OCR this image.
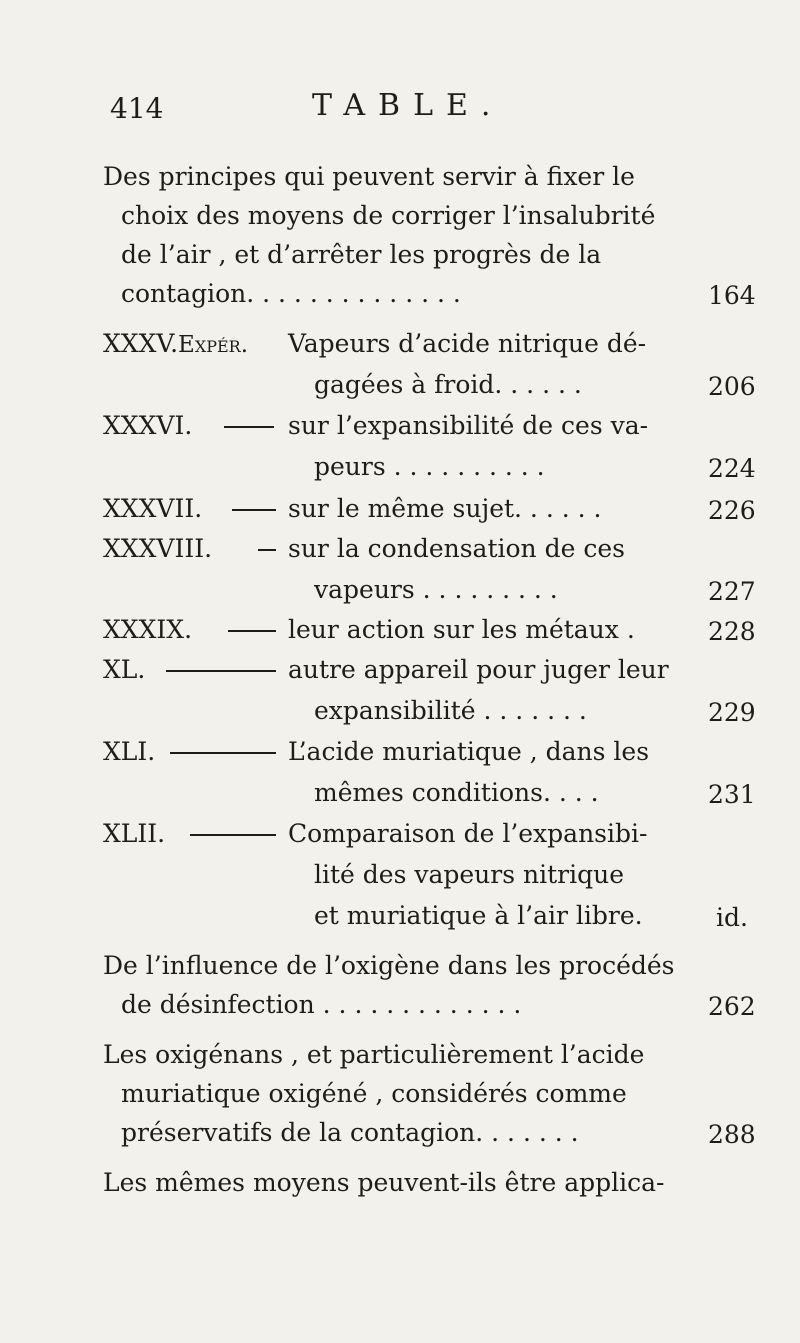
414	TABLE.
Des principes qui peuvent servir à fixer le
choix des moyens de corriger l’insalubrité
de l’air , et d’arrêter les progrès de la
contagion. . . . . . . . . . . . . .	164
XXXV.Expér. Vapeurs d’acide nitrique dé-
gagées à froid. . . . . .	206
XXXVI.	sur l’expansibilité de ces va-
peurs . . . . . . . . . .	224
XXXVII.	sur le même sujet. . . . . .	226
XXXVIII.	sur la condensation de ces
vapeurs . . . . . . . . .	227
XXXIX.	leur action sur les métaux .	228
XL.	autre appareil pour juger leur
expansibilité . . . . . . .	229
XLI.	L’acide muriatique , dans les
mêmes conditions. . . .	231
XLII.	Comparaison de l’expansibi-
lité des vapeurs nitrique
et muriatique à l’air libre.	id.
De l’influence de l’oxigène dans les procédés
de désinfection . . . . . . . . . . . . .	262
Les oxigénans , et particulièrement l’acide
muriatique oxigéné , considérés comme
préservatifs de la contagion. . . . . . .	288
Les mêmes moyens peuvent-ils être applica-
